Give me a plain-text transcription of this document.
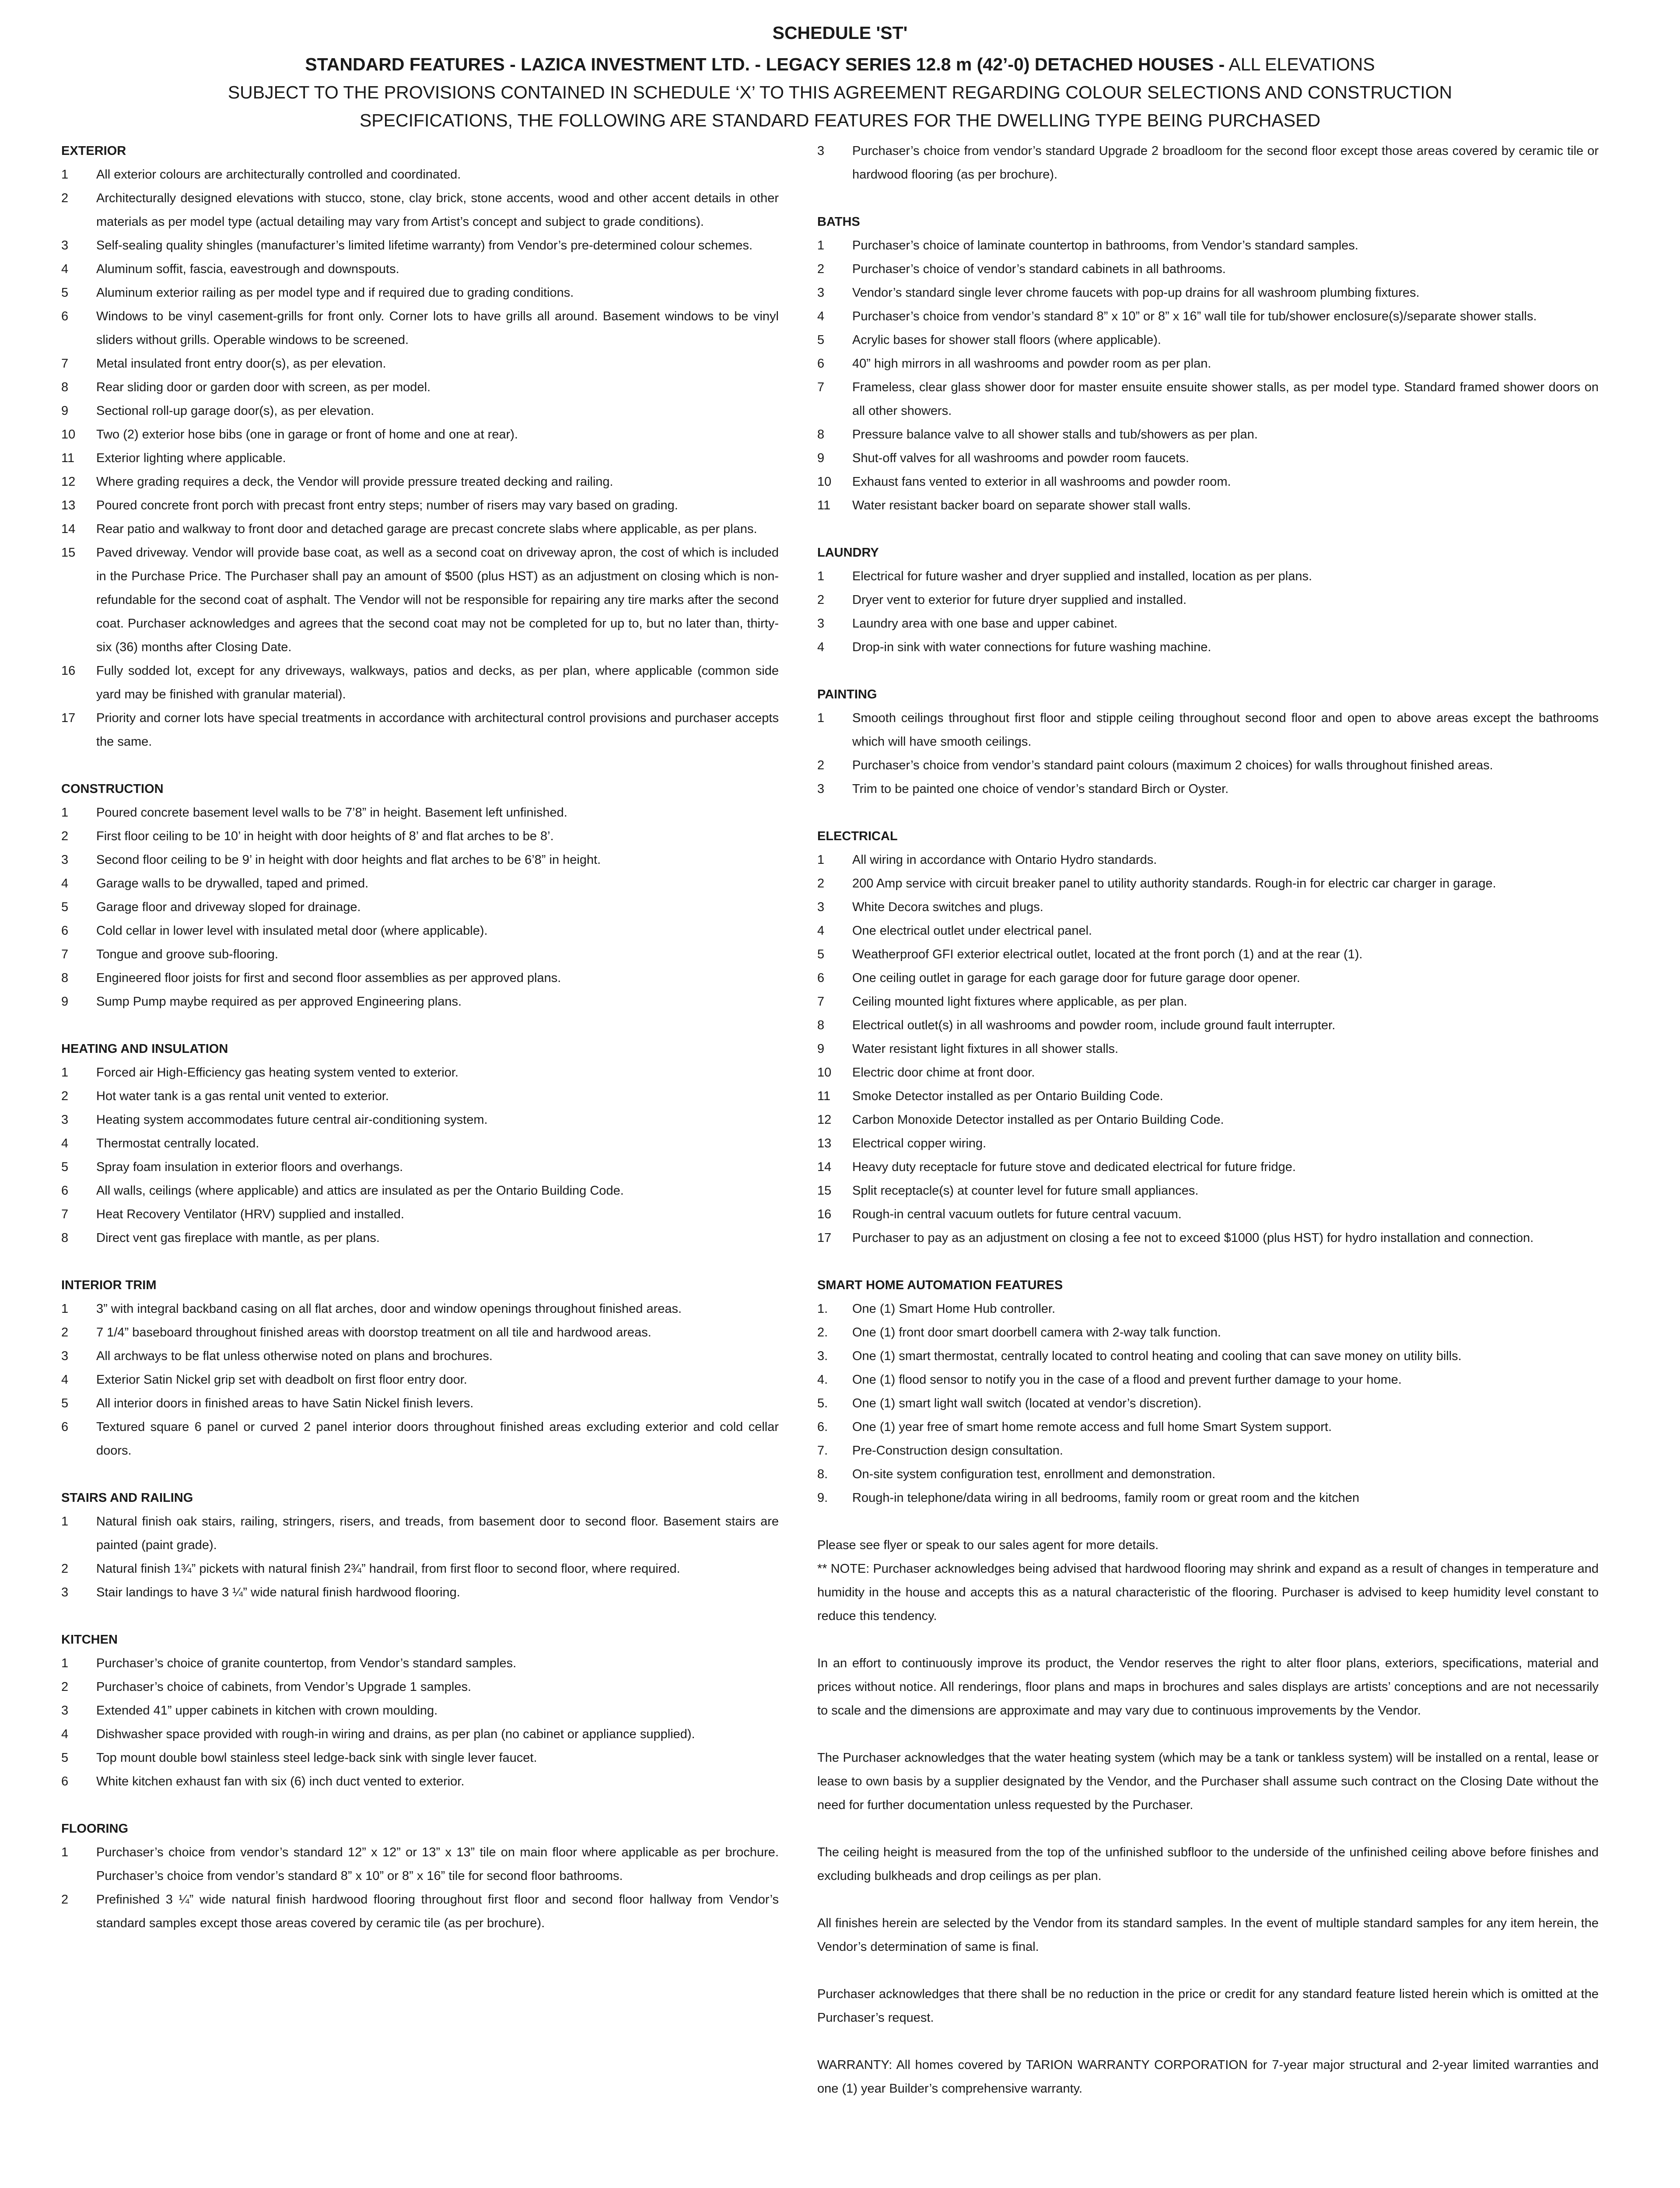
SCHEDULE 'ST'
STANDARD FEATURES - LAZICA INVESTMENT LTD. - LEGACY SERIES 12.8 m (42’-0) DETACHED HOUSES - ALL ELEVATIONS
SUBJECT TO THE PROVISIONS CONTAINED IN SCHEDULE ‘X’ TO THIS AGREEMENT REGARDING COLOUR SELECTIONS AND CONSTRUCTION
SPECIFICATIONS, THE FOLLOWING ARE STANDARD FEATURES FOR THE DWELLING TYPE BEING PURCHASED
EXTERIOR
1	All exterior colours are architecturally controlled and coordinated.
2	Architecturally designed elevations with stucco, stone, clay brick, stone accents, wood and other accent details in other materials as per model type (actual detailing may vary from Artist’s concept and subject to grade conditions).
3	Self-sealing quality shingles (manufacturer’s limited lifetime warranty) from Vendor’s pre-determined colour schemes.
4	Aluminum soffit, fascia, eavestrough and downspouts.
5	Aluminum exterior railing as per model type and if required due to grading conditions.
6	Windows to be vinyl casement-grills for front only. Corner lots to have grills all around. Basement windows to be vinyl sliders without grills. Operable windows to be screened.
7	Metal insulated front entry door(s), as per elevation.
8	Rear sliding door or garden door with screen, as per model.
9	Sectional roll-up garage door(s), as per elevation.
10	Two (2) exterior hose bibs (one in garage or front of home and one at rear).
11	Exterior lighting where applicable.
12	Where grading requires a deck, the Vendor will provide pressure treated decking and railing.
13	Poured concrete front porch with precast front entry steps; number of risers may vary based on grading.
14	Rear patio and walkway to front door and detached garage are precast concrete slabs where applicable, as per plans.
15	Paved driveway. Vendor will provide base coat, as well as a second coat on driveway apron, the cost of which is included in the Purchase Price. The Purchaser shall pay an amount of $500 (plus HST) as an adjustment on closing which is non-refundable for the second coat of asphalt. The Vendor will not be responsible for repairing any tire marks after the second coat. Purchaser acknowledges and agrees that the second coat may not be completed for up to, but no later than, thirty-six (36) months after Closing Date.
16	Fully sodded lot, except for any driveways, walkways, patios and decks, as per plan, where applicable (common side yard may be finished with granular material).
17	Priority and corner lots have special treatments in accordance with architectural control provisions and purchaser accepts the same.
CONSTRUCTION
1	Poured concrete basement level walls to be 7’8” in height. Basement left unfinished.
2	First floor ceiling to be 10’ in height with door heights of 8’ and flat arches to be 8’.
3	Second floor ceiling to be 9’ in height with door heights and flat arches to be 6’8” in height.
4	Garage walls to be drywalled, taped and primed.
5	Garage floor and driveway sloped for drainage.
6	Cold cellar in lower level with insulated metal door (where applicable).
7	Tongue and groove sub-flooring.
8	Engineered floor joists for first and second floor assemblies as per approved plans.
9	Sump Pump maybe required as per approved Engineering plans.
HEATING AND INSULATION
1	Forced air High-Efficiency gas heating system vented to exterior.
2	Hot water tank is a gas rental unit vented to exterior.
3	Heating system accommodates future central air-conditioning system.
4	Thermostat centrally located.
5	Spray foam insulation in exterior floors and overhangs.
6	All walls, ceilings (where applicable) and attics are insulated as per the Ontario Building Code.
7	Heat Recovery Ventilator (HRV) supplied and installed.
8	Direct vent gas fireplace with mantle, as per plans.
INTERIOR TRIM
1	3” with integral backband casing on all flat arches, door and window openings throughout finished areas.
2	7 1/4” baseboard throughout finished areas with doorstop treatment on all tile and hardwood areas.
3	All archways to be flat unless otherwise noted on plans and brochures.
4	Exterior Satin Nickel grip set with deadbolt on first floor entry door.
5	All interior doors in finished areas to have Satin Nickel finish levers.
6	Textured square 6 panel or curved 2 panel interior doors throughout finished areas excluding exterior and cold cellar doors.
STAIRS AND RAILING
1	Natural finish oak stairs, railing, stringers, risers, and treads, from basement door to second floor. Basement stairs are painted (paint grade).
2	Natural finish 1¾” pickets with natural finish 2¾” handrail, from first floor to second floor, where required.
3	Stair landings to have 3 ¼” wide natural finish hardwood flooring.
KITCHEN
1	Purchaser’s choice of granite countertop, from Vendor’s standard samples.
2	Purchaser’s choice of cabinets, from Vendor’s Upgrade 1 samples.
3	Extended 41” upper cabinets in kitchen with crown moulding.
4	Dishwasher space provided with rough-in wiring and drains, as per plan (no cabinet or appliance supplied).
5	Top mount double bowl stainless steel ledge-back sink with single lever faucet.
6	White kitchen exhaust fan with six (6) inch duct vented to exterior.
FLOORING
1	Purchaser’s choice from vendor’s standard 12” x 12” or 13” x 13” tile on main floor where applicable as per brochure. Purchaser’s choice from vendor’s standard 8” x 10” or 8” x 16” tile for second floor bathrooms.
2	Prefinished 3 ¼” wide natural finish hardwood flooring throughout first floor and second floor hallway from Vendor’s standard samples except those areas covered by ceramic tile (as per brochure).
3	Purchaser’s choice from vendor’s standard Upgrade 2 broadloom for the second floor except those areas covered by ceramic tile or hardwood flooring (as per brochure).
BATHS
1	Purchaser’s choice of laminate countertop in bathrooms, from Vendor’s standard samples.
2	Purchaser’s choice of vendor’s standard cabinets in all bathrooms.
3	Vendor’s standard single lever chrome faucets with pop-up drains for all washroom plumbing fixtures.
4	Purchaser’s choice from vendor’s standard 8” x 10” or 8” x 16” wall tile for tub/shower enclosure(s)/separate shower stalls.
5	Acrylic bases for shower stall floors (where applicable).
6	40” high mirrors in all washrooms and powder room as per plan.
7	Frameless, clear glass shower door for master ensuite ensuite shower stalls, as per model type. Standard framed shower doors on all other showers.
8	Pressure balance valve to all shower stalls and tub/showers as per plan.
9	Shut-off valves for all washrooms and powder room faucets.
10	Exhaust fans vented to exterior in all washrooms and powder room.
11	Water resistant backer board on separate shower stall walls.
LAUNDRY
1	Electrical for future washer and dryer supplied and installed, location as per plans.
2	Dryer vent to exterior for future dryer supplied and installed.
3	Laundry area with one base and upper cabinet.
4	Drop-in sink with water connections for future washing machine.
PAINTING
1	Smooth ceilings throughout first floor and stipple ceiling throughout second floor and open to above areas except the bathrooms which will have smooth ceilings.
2	Purchaser’s choice from vendor’s standard paint colours (maximum 2 choices) for walls throughout finished areas.
3	Trim to be painted one choice of vendor’s standard Birch or Oyster.
ELECTRICAL
1	All wiring in accordance with Ontario Hydro standards.
2	200 Amp service with circuit breaker panel to utility authority standards. Rough-in for electric car charger in garage.
3	White Decora switches and plugs.
4	One electrical outlet under electrical panel.
5	Weatherproof GFI exterior electrical outlet, located at the front porch (1) and at the rear (1).
6	One ceiling outlet in garage for each garage door for future garage door opener.
7	Ceiling mounted light fixtures where applicable, as per plan.
8	Electrical outlet(s) in all washrooms and powder room, include ground fault interrupter.
9	Water resistant light fixtures in all shower stalls.
10	Electric door chime at front door.
11	Smoke Detector installed as per Ontario Building Code.
12	Carbon Monoxide Detector installed as per Ontario Building Code.
13	Electrical copper wiring.
14	Heavy duty receptacle for future stove and dedicated electrical for future fridge.
15	Split receptacle(s) at counter level for future small appliances.
16	Rough-in central vacuum outlets for future central vacuum.
17	Purchaser to pay as an adjustment on closing a fee not to exceed $1000 (plus HST) for hydro installation and connection.
SMART HOME AUTOMATION FEATURES
1.	One (1) Smart Home Hub controller.
2.	One (1) front door smart doorbell camera with 2-way talk function.
3.	One (1) smart thermostat, centrally located to control heating and cooling that can save money on utility bills.
4.	One (1) flood sensor to notify you in the case of a flood and prevent further damage to your home.
5.	One (1) smart light wall switch (located at vendor’s discretion).
6.	One (1) year free of smart home remote access and full home Smart System support.
7.	Pre-Construction design consultation.
8.	On-site system configuration test, enrollment and demonstration.
9.	Rough-in telephone/data wiring in all bedrooms, family room or great room and the kitchen
Please see flyer or speak to our sales agent for more details.
** NOTE: Purchaser acknowledges being advised that hardwood flooring may shrink and expand as a result of changes in temperature and humidity in the house and accepts this as a natural characteristic of the flooring. Purchaser is advised to keep humidity level constant to reduce this tendency.
In an effort to continuously improve its product, the Vendor reserves the right to alter floor plans, exteriors, specifications, material and prices without notice. All renderings, floor plans and maps in brochures and sales displays are artists’ conceptions and are not necessarily to scale and the dimensions are approximate and may vary due to continuous improvements by the Vendor.
The Purchaser acknowledges that the water heating system (which may be a tank or tankless system) will be installed on a rental, lease or lease to own basis by a supplier designated by the Vendor, and the Purchaser shall assume such contract on the Closing Date without the need for further documentation unless requested by the Purchaser.
The ceiling height is measured from the top of the unfinished subfloor to the underside of the unfinished ceiling above before finishes and excluding bulkheads and drop ceilings as per plan.
All finishes herein are selected by the Vendor from its standard samples. In the event of multiple standard samples for any item herein, the Vendor’s determination of same is final.
Purchaser acknowledges that there shall be no reduction in the price or credit for any standard feature listed herein which is omitted at the Purchaser’s request.
WARRANTY: All homes covered by TARION WARRANTY CORPORATION for 7-year major structural and 2-year limited warranties and one (1) year Builder’s comprehensive warranty.
